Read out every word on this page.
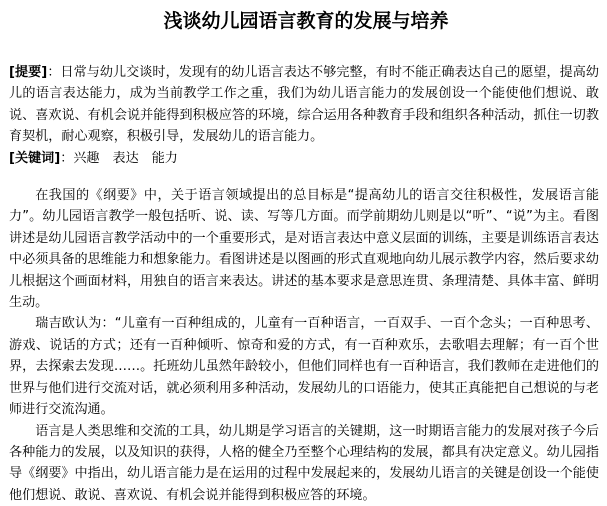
浅谈幼儿园语言教育的发展与培养

[提要]：日常与幼儿交谈时，发现有的幼儿语言表达不够完整，有时不能正确表达自己的愿望，提高幼儿的语言表达能力，成为当前教学工作之重，我们为幼儿语言能力的发展创设一个能使他们想说、敢说、喜欢说、有机会说并能得到积极应答的环境，综合运用各种教育手段和组织各种活动，抓住一切教育契机，耐心观察，积极引导，发展幼儿的语言能力。

[关键词]：兴趣 表达 能力

在我国的《纲要》中，关于语言领域提出的总目标是“提高幼儿的语言交往积极性，发展语言能力”。幼儿园语言教学一般包括听、说、读、写等几方面。而学前期幼儿则是以“听”、“说”为主。看图讲述是幼儿园语言教学活动中的一个重要形式，是对语言表达中意义层面的训练，主要是训练语言表达中必须具备的思维能力和想象能力。看图讲述是以图画的形式直观地向幼儿展示教学内容，然后要求幼儿根据这个画面材料，用独自的语言来表达。讲述的基本要求是意思连贯、条理清楚、具体丰富、鲜明生动。

瑞吉欧认为：“儿童有一百种组成的，儿童有一百种语言，一百双手、一百个念头；一百种思考、游戏、说话的方式；还有一百种倾听、惊奇和爱的方式，有一百种欢乐，去歌唱去理解；有一百个世界，去探索去发现……。托班幼儿虽然年龄较小，但他们同样也有一百种语言，我们教师在走进他们的世界与他们进行交流对话，就必须利用多种活动，发展幼儿的口语能力，使其正真能把自己想说的与老师进行交流沟通。

语言是人类思维和交流的工具，幼儿期是学习语言的关键期，这一时期语言能力的发展对孩子今后各种能力的发展，以及知识的获得，人格的健全乃至整个心理结构的发展，都具有决定意义。幼儿园指导《纲要》中指出，幼儿语言能力是在运用的过程中发展起来的，发展幼儿语言的关键是创设一个能使他们想说、敢说、喜欢说、有机会说并能得到积极应答的环境。
